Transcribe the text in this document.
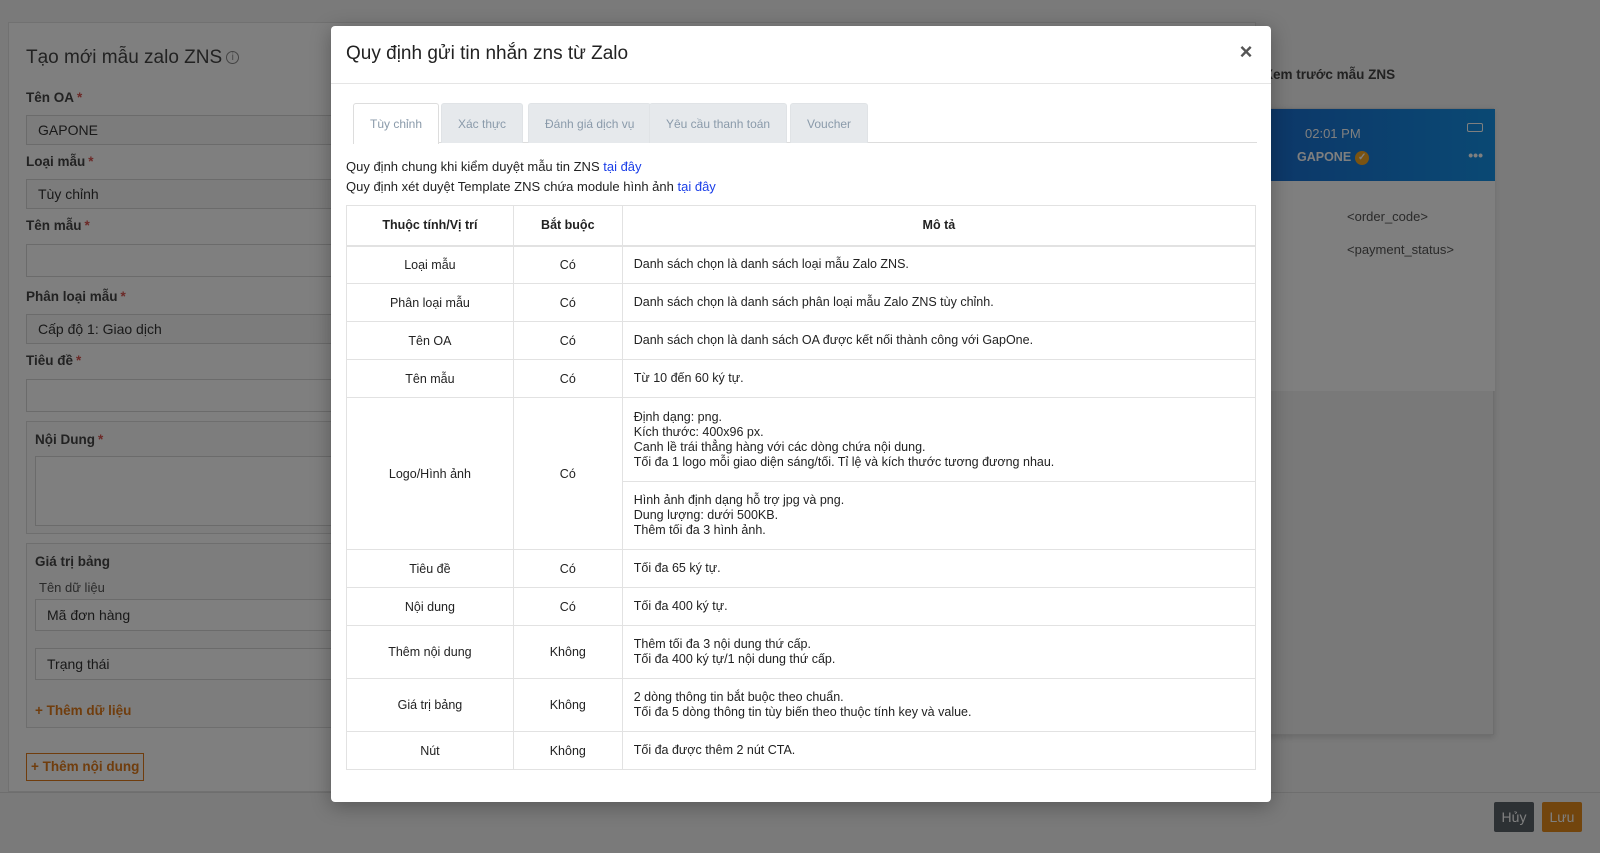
Quy định gửi tin nhắn zns từ Zalo	×
Tùy chỉnh	Xác thực	Đánh giá dịch vụ	Yêu cầu thanh toán	Voucher
Quy định chung khi kiểm duyệt mẫu tin ZNS tại đây
Quy định xét duyệt Template ZNS chứa module hình ảnh tại đây
Thuộc tính/Vị trí	Bắt buộc	Mô tả
Loại mẫu	Có	Danh sách chọn là danh sách loại mẫu Zalo ZNS.

Phân loại mẫu	Có	Danh sách chọn là danh sách phân loại mẫu Zalo ZNS tùy chỉnh.

Tên OA	Có	Danh sách chọn là danh sách OA được kết nối thành công với GapOne.

Tên mẫu	Có	Từ 10 đến 60 ký tự.

Logo/Hình ảnh	Có	Định dạng: png.
Kích thước: 400x96 px.
Canh lề trái thẳng hàng với các dòng chứa nội dung.
Tối đa 1 logo mỗi giao diện sáng/tối. Tỉ lệ và kích thước tương đương nhau.

		Hình ảnh định dạng hỗ trợ jpg và png.
Dung lượng: dưới 500KB.
Thêm tối đa 3 hình ảnh.

Tiêu đề	Có	Tối đa 65 ký tự.

Nội dung	Có	Tối đa 400 ký tự.

Thêm nội dung	Không	Thêm tối đa 3 nội dung thứ cấp.
Tối đa 400 ký tự/1 nội dung thứ cấp.

Giá trị bảng	Không	2 dòng thông tin bắt buộc theo chuẩn.
Tối đa 5 dòng thông tin tùy biến theo thuộc tính key và value.

Nút	Không	Tối đa được thêm 2 nút CTA.
